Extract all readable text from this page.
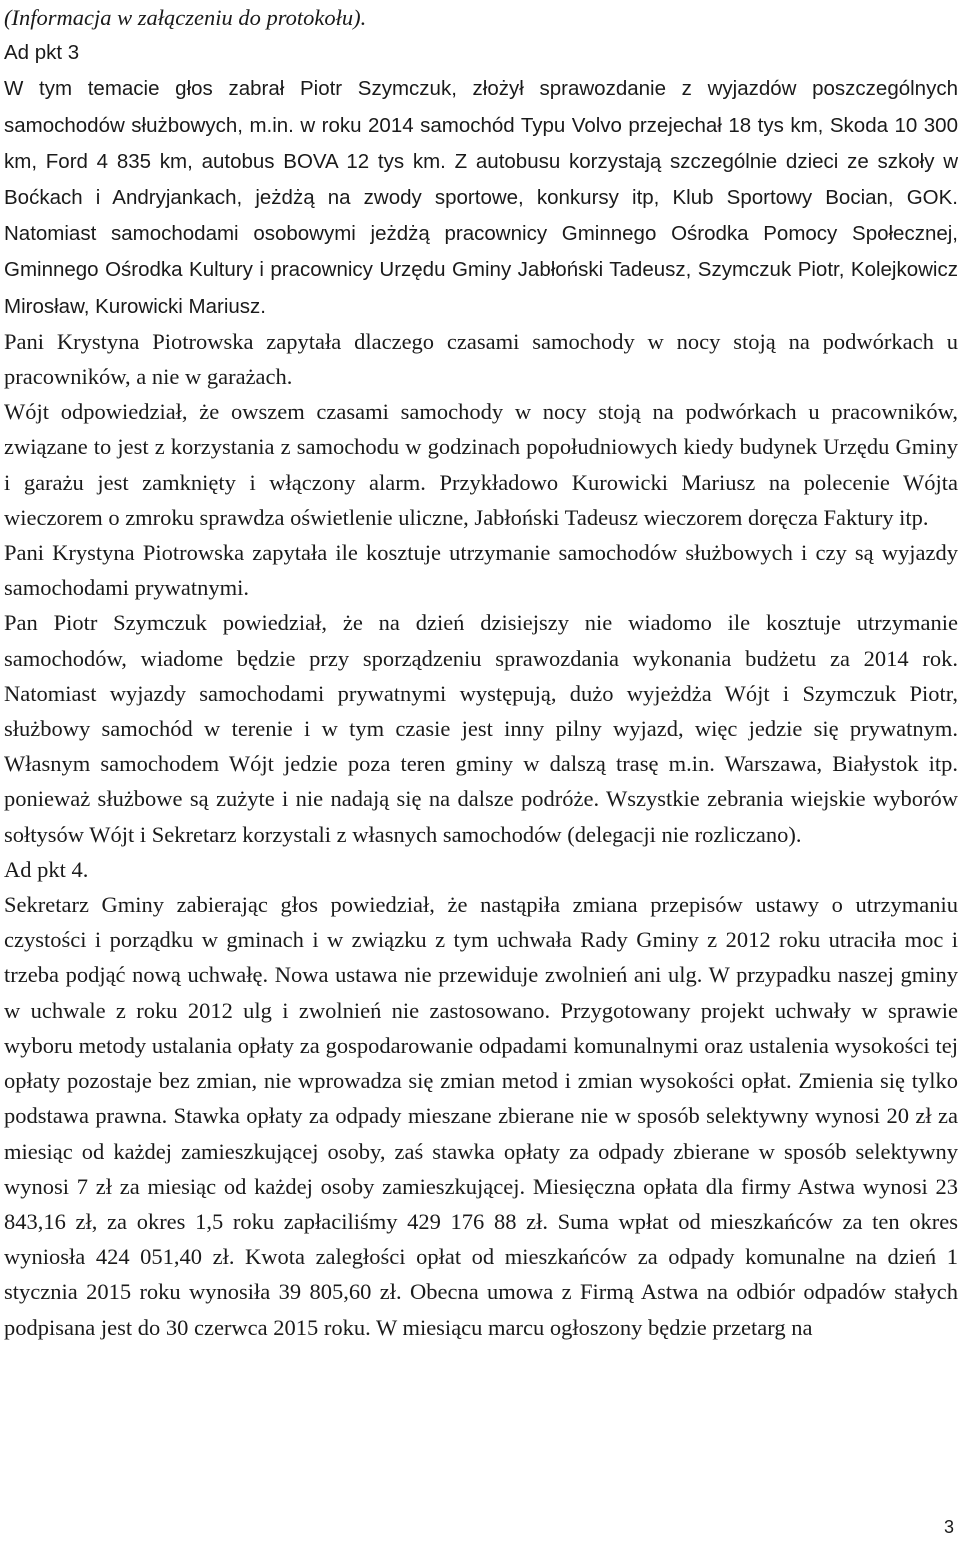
(Informacja w załączeniu do protokołu).

Ad pkt 3

W tym temacie głos zabrał Piotr Szymczuk, złożył sprawozdanie z wyjazdów poszczególnych samochodów służbowych, m.in. w roku 2014 samochód Typu Volvo przejechał 18 tys km, Skoda 10 300 km, Ford 4 835 km, autobus BOVA 12 tys km. Z autobusu korzystają szczególnie dzieci ze szkoły w Boćkach i Andryjankach, jeżdżą na zwody sportowe, konkursy itp, Klub Sportowy Bocian, GOK. Natomiast samochodami osobowymi jeżdżą pracownicy Gminnego Ośrodka Pomocy Społecznej, Gminnego Ośrodka Kultury i pracownicy Urzędu Gminy Jabłoński Tadeusz, Szymczuk Piotr, Kolejkowicz Mirosław, Kurowicki Mariusz.

Pani Krystyna Piotrowska zapytała dlaczego czasami samochody w nocy stoją na podwórkach u pracowników, a nie w garażach.

Wójt odpowiedział, że owszem czasami samochody w nocy stoją na podwórkach u pracowników, związane to jest z korzystania z samochodu w godzinach popołudniowych kiedy budynek Urzędu Gminy i garażu jest zamknięty i włączony alarm. Przykładowo Kurowicki Mariusz na polecenie Wójta wieczorem o zmroku sprawdza oświetlenie uliczne, Jabłoński Tadeusz wieczorem doręcza Faktury itp.

Pani Krystyna Piotrowska zapytała ile kosztuje utrzymanie samochodów służbowych i czy są wyjazdy samochodami prywatnymi.

Pan Piotr Szymczuk powiedział, że na dzień dzisiejszy nie wiadomo ile kosztuje utrzymanie samochodów, wiadome będzie przy sporządzeniu sprawozdania wykonania budżetu za 2014 rok. Natomiast wyjazdy samochodami prywatnymi występują, dużo wyjeżdża Wójt i Szymczuk Piotr, służbowy samochód w terenie i w tym czasie jest inny pilny wyjazd, więc jedzie się prywatnym. Własnym samochodem Wójt jedzie poza teren gminy w dalszą trasę m.in. Warszawa, Białystok itp. ponieważ służbowe są zużyte i nie nadają się na dalsze podróże. Wszystkie zebrania wiejskie wyborów sołtysów Wójt i Sekretarz korzystali z własnych samochodów (delegacji nie rozliczano).

Ad pkt 4.

Sekretarz Gminy zabierając głos powiedział, że nastąpiła zmiana przepisów ustawy o utrzymaniu czystości i porządku w gminach i w związku z tym uchwała Rady Gminy z 2012 roku utraciła moc i trzeba podjąć nową uchwałę. Nowa ustawa nie przewiduje zwolnień ani ulg. W przypadku naszej gminy w uchwale z roku 2012 ulg i zwolnień nie zastosowano. Przygotowany projekt uchwały w sprawie wyboru metody ustalania opłaty za gospodarowanie odpadami komunalnymi oraz ustalenia wysokości tej opłaty pozostaje bez zmian, nie wprowadza się zmian metod i zmian wysokości opłat. Zmienia się tylko podstawa prawna. Stawka opłaty za odpady mieszane zbierane nie w sposób selektywny wynosi 20 zł za miesiąc od każdej zamieszkującej osoby, zaś stawka opłaty za odpady zbierane w sposób selektywny wynosi 7 zł za miesiąc od każdej osoby zamieszkującej. Miesięczna opłata dla firmy Astwa wynosi 23 843,16 zł, za okres 1,5 roku zapłaciliśmy 429 176 88 zł. Suma wpłat od mieszkańców za ten okres wyniosła 424 051,40 zł. Kwota zaległości opłat od mieszkańców za odpady komunalne na dzień 1 stycznia 2015 roku wynosiła 39 805,60 zł. Obecna umowa z Firmą Astwa na odbiór odpadów stałych podpisana jest do 30 czerwca 2015 roku. W miesiącu marcu ogłoszony będzie przetarg na

3
